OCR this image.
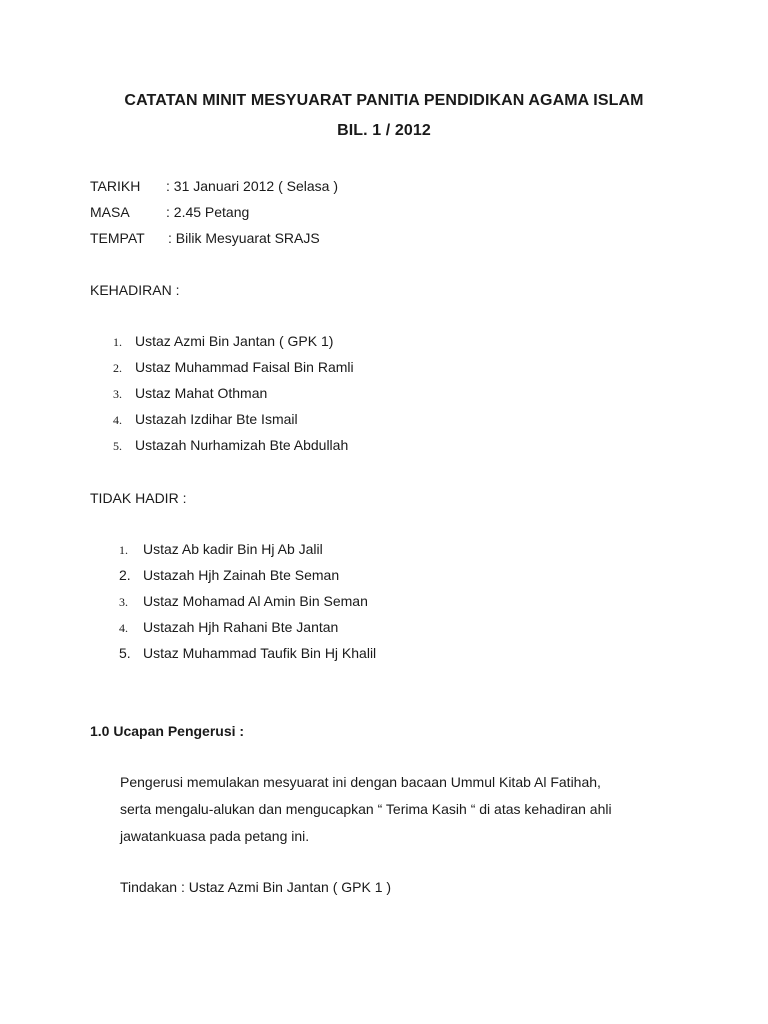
CATATAN MINIT MESYUARAT PANITIA PENDIDIKAN AGAMA ISLAM
BIL. 1 / 2012
TARIKH : 31 Januari 2012 ( Selasa )
MASA	: 2.45 Petang
TEMPAT : Bilik Mesyuarat SRAJS
KEHADIRAN :
1. Ustaz Azmi Bin Jantan ( GPK 1)
2. Ustaz Muhammad Faisal Bin Ramli
3. Ustaz Mahat Othman
4. Ustazah Izdihar Bte Ismail
5. Ustazah Nurhamizah Bte Abdullah
TIDAK HADIR :
1. Ustaz Ab kadir Bin Hj Ab Jalil
2. Ustazah Hjh Zainah Bte Seman
3. Ustaz Mohamad Al Amin Bin Seman
4. Ustazah Hjh Rahani Bte Jantan
5. Ustaz Muhammad Taufik Bin Hj Khalil
1.0 Ucapan Pengerusi :
Pengerusi memulakan mesyuarat ini dengan bacaan Ummul Kitab Al Fatihah,
serta mengalu-alukan dan mengucapkan “ Terima Kasih “ di atas kehadiran ahli
jawatankuasa pada petang ini.
Tindakan : Ustaz Azmi Bin Jantan ( GPK 1 )
